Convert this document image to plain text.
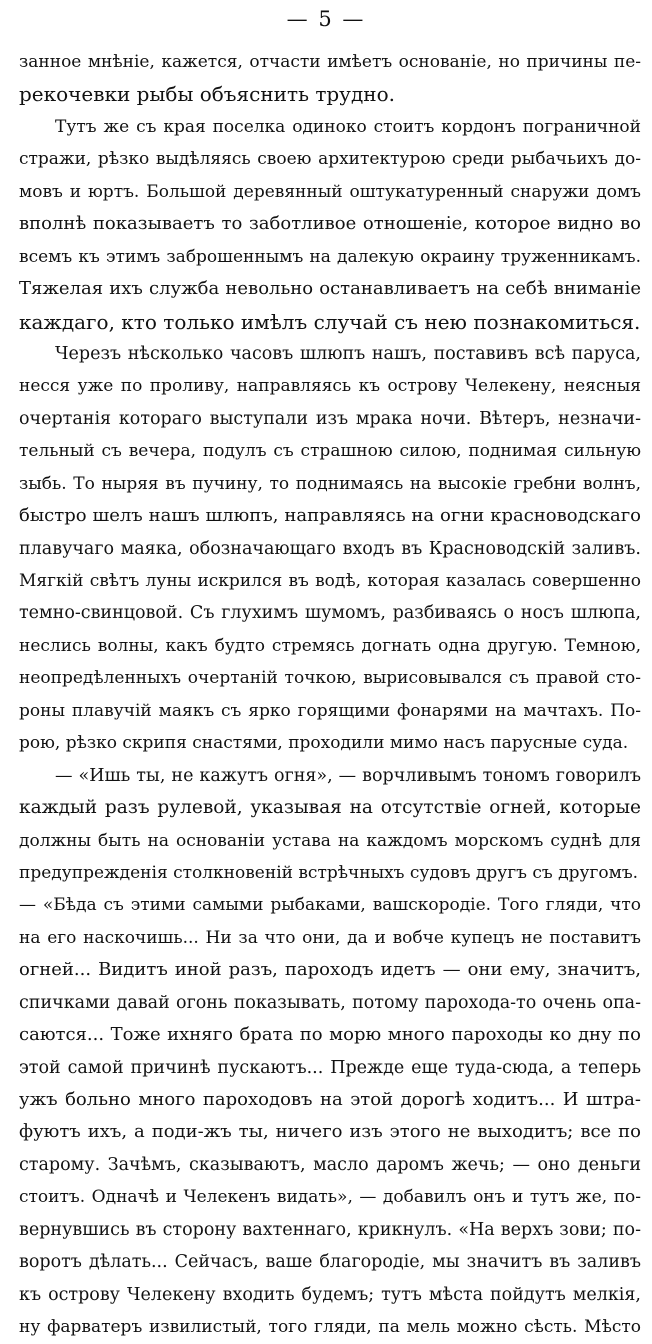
— 5 —
занное мнѣніе, кажется, отчасти имѣетъ основаніе, но причины пе-
рекочевки рыбы объяснить трудно.
Тутъ же съ края поселка одиноко стоитъ кордонъ пограничной
стражи, рѣзко выдѣляясь своею архитектурою среди рыбачьихъ до-
мовъ и юртъ. Большой деревянный оштукатуренный снаружи домъ
вполнѣ показываетъ то заботливое отношеніе, которое видно во
всемъ къ этимъ заброшеннымъ на далекую окраину труженникамъ.
Тяжелая ихъ служба невольно останавливаетъ на себѣ вниманіе
каждаго, кто только имѣлъ случай съ нею познакомиться.
Черезъ нѣсколько часовъ шлюпъ нашъ, поставивъ всѣ паруса,
несся уже по проливу, направляясь къ острову Челекену, неясныя
очертанія котораго выступали изъ мрака ночи. Вѣтеръ, незначи-
тельный съ вечера, подулъ съ страшною силою, поднимая сильную
зыбь. То ныряя въ пучину, то поднимаясь на высокіе гребни волнъ,
быстро шелъ нашъ шлюпъ, направляясь на огни красноводскаго
плавучаго маяка, обозначающаго входъ въ Красноводскій заливъ.
Мягкій свѣтъ луны искрился въ водѣ, которая казалась совершенно
темно-свинцовой. Съ глухимъ шумомъ, разбиваясь о носъ шлюпа,
неслись волны, какъ будто стремясь догнать одна другую. Темною,
неопредѣленныхъ очертаній точкою, вырисовывался съ правой сто-
роны плавучій маякъ съ ярко горящими фонарями на мачтахъ. По-
рою, рѣзко скрипя снастями, проходили мимо насъ парусные суда.
— «Ишь ты, не кажутъ огня», — ворчливымъ тономъ говорилъ
каждый разъ рулевой, указывая на отсутствіе огней, которые
должны быть на основаніи устава на каждомъ морскомъ суднѣ для
предупрежденія столкновеній встрѣчныхъ судовъ другъ съ другомъ.
— «Бѣда съ этими самыми рыбаками, вашскородіе. Того гляди, что
на его наскочишь... Ни за что они, да и вобче купецъ не поставитъ
огней... Видитъ иной разъ, пароходъ идетъ — они ему, значитъ,
спичками давай огонь показывать, потому парохода-то очень опа-
саются... Тоже ихняго брата по морю много пароходы ко дну по
этой самой причинѣ пускаютъ... Прежде еще туда-сюда, а теперь
ужъ больно много пароходовъ на этой дорогѣ ходитъ... И штра-
фуютъ ихъ, а поди-жъ ты, ничего изъ этого не выходитъ; все по
старому. Зачѣмъ, сказываютъ, масло даромъ жечь; — оно деньги
стоитъ. Одначѣ и Челекенъ видать», — добавилъ онъ и тутъ же, по-
вернувшись въ сторону вахтеннаго, крикнулъ. «На верхъ зови; по-
воротъ дѣлать... Сейчасъ, ваше благородіе, мы значитъ въ заливъ
къ острову Челекену входить будемъ; тутъ мѣста пойдутъ мелкія,
ну фарватеръ извилистый, того гляди, па мель можно сѣсть. Мѣсто
